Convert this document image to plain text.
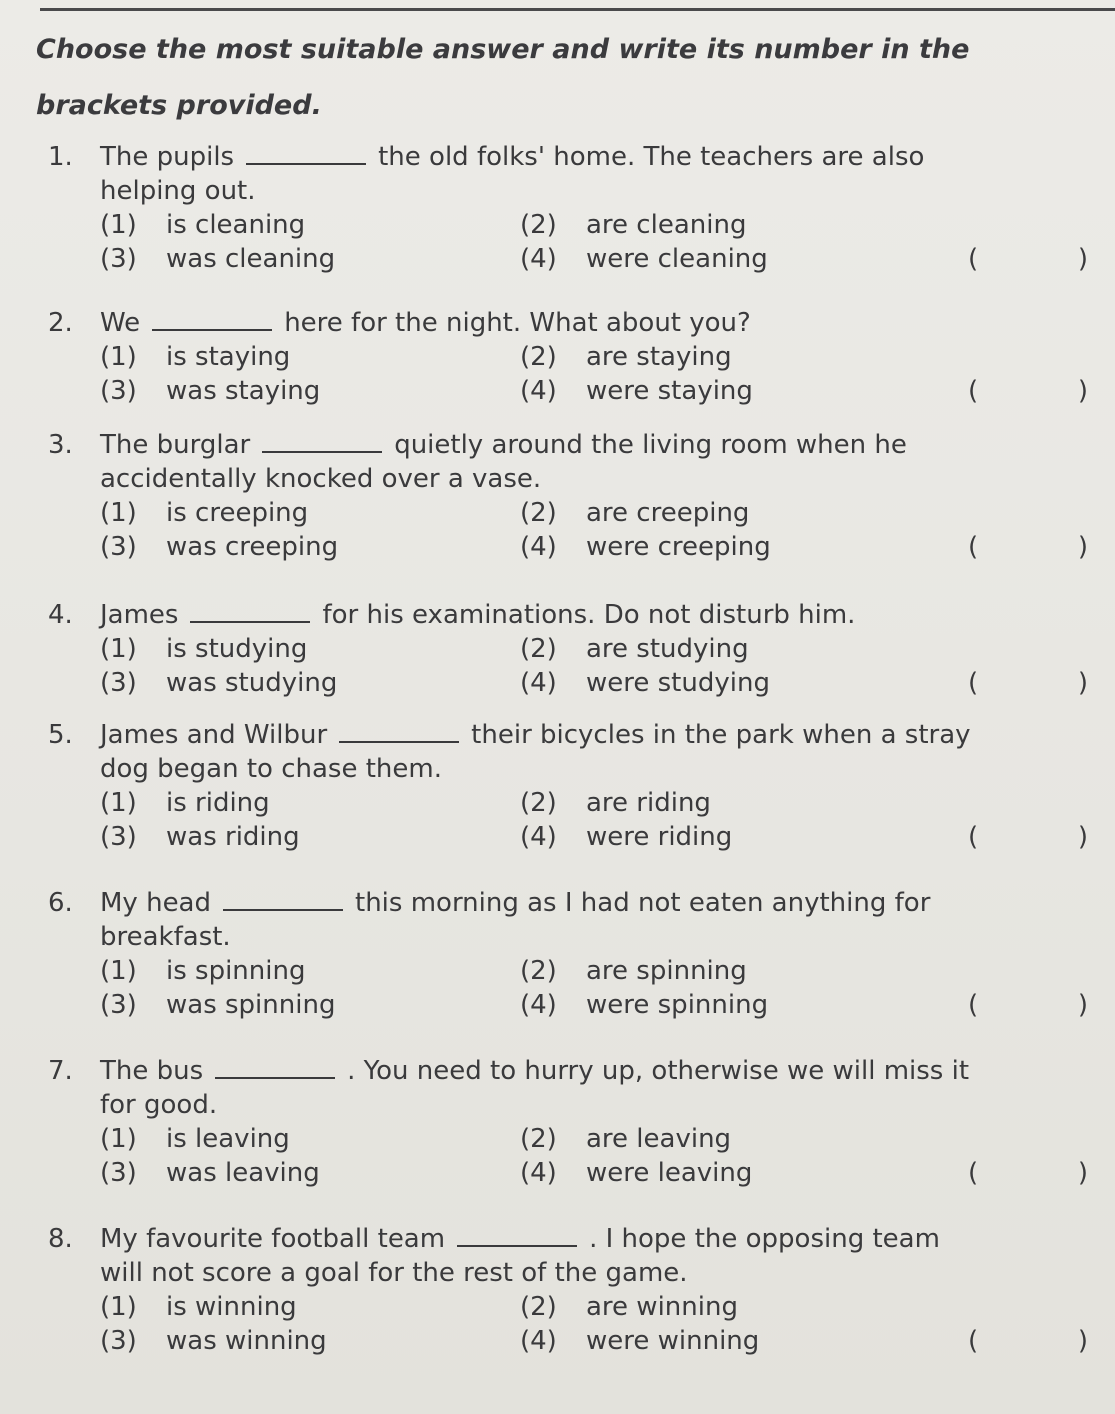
Choose the most suitable answer and write its number in the brackets provided.
1. The pupils	the old folks' home. The teachers are also
helping out.
(1) is cleaning	(2) are cleaning
(3) was cleaning	(4) were cleaning	(	)
2. We	here for the night. What about you?
(1) is staying	(2) are staying
(3) was staying	(4) were staying	(	)
3. The burglar	quietly around the living room when he
accidentally knocked over a vase.
(1) is creeping	(2) are creeping
(3) was creeping	(4) were creeping	(	)
4. James	for his examinations. Do not disturb him.
(1) is studying	(2) are studying
(3) was studying	(4) were studying	(	)
5. James and Wilbur	their bicycles in the park when a stray
dog began to chase them.
(1) is riding	(2) are riding
(3) was riding	(4) were riding	(	)
6. My head	this morning as I had not eaten anything for
breakfast.
(1) is spinning	(2) are spinning
(3) was spinning	(4) were spinning	(	)
7. The bus	. You need to hurry up, otherwise we will miss it
for good.
(1) is leaving	(2) are leaving
(3) was leaving	(4) were leaving	(	)
8. My favourite football team	. I hope the opposing team
will not score a goal for the rest of the game.
(1) is winning	(2) are winning
(3) was winning	(4) were winning	(	)
